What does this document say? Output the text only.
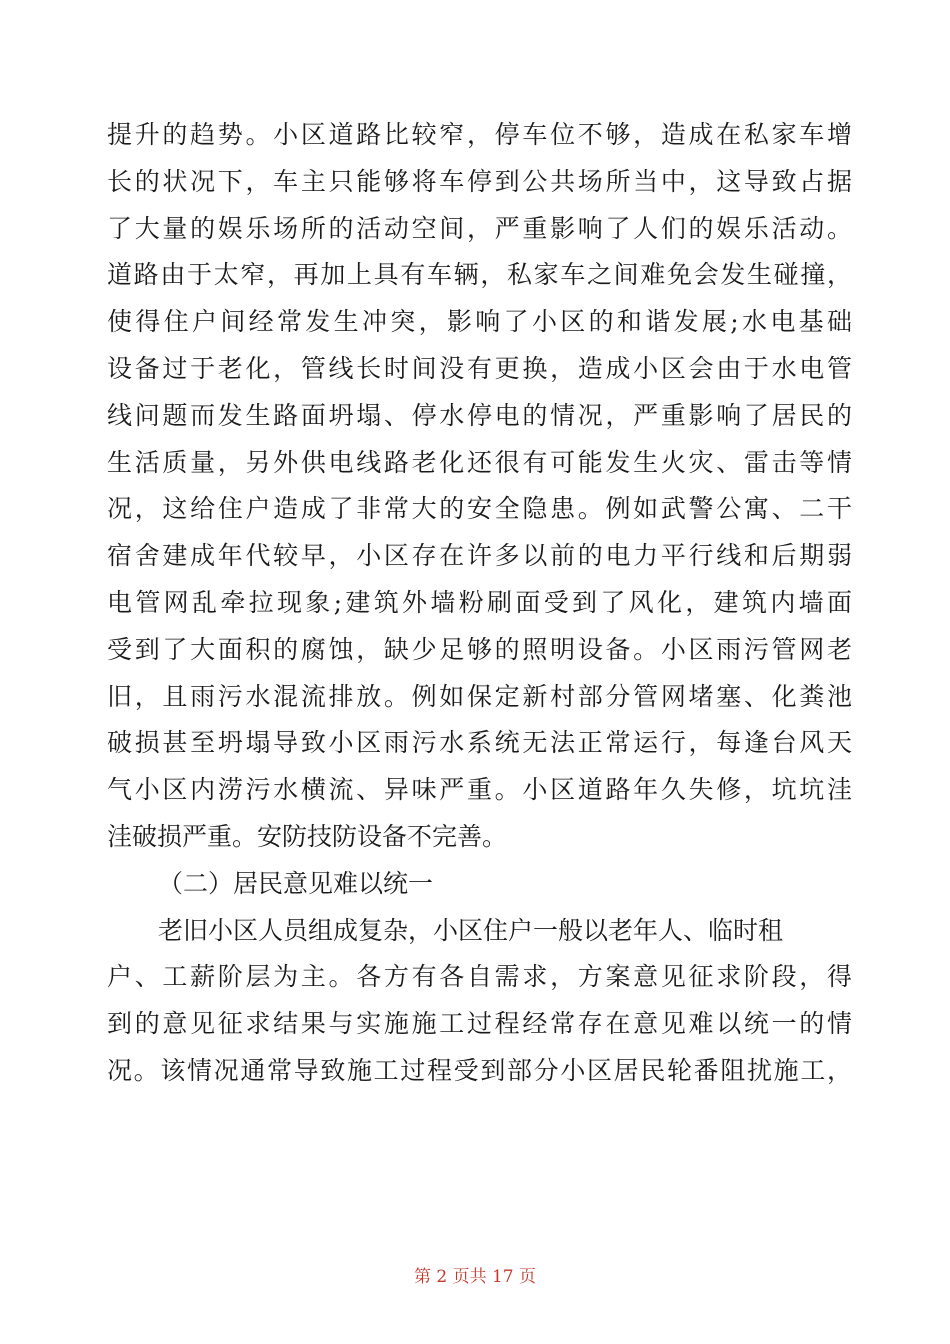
提升的趋势。小区道路比较窄，停车位不够，造成在私家车增
长的状况下，车主只能够将车停到公共场所当中，这导致占据
了大量的娱乐场所的活动空间，严重影响了人们的娱乐活动。
道路由于太窄，再加上具有车辆，私家车之间难免会发生碰撞，
使得住户间经常发生冲突，影响了小区的和谐发展;水电基础
设备过于老化，管线长时间没有更换，造成小区会由于水电管
线问题而发生路面坍塌、停水停电的情况，严重影响了居民的
生活质量，另外供电线路老化还很有可能发生火灾、雷击等情
况，这给住户造成了非常大的安全隐患。例如武警公寓、二干
宿舍建成年代较早，小区存在许多以前的电力平行线和后期弱
电管网乱牵拉现象;建筑外墙粉刷面受到了风化，建筑内墙面
受到了大面积的腐蚀，缺少足够的照明设备。小区雨污管网老
旧，且雨污水混流排放。例如保定新村部分管网堵塞、化粪池
破损甚至坍塌导致小区雨污水系统无法正常运行，每逢台风天
气小区内涝污水横流、异味严重。小区道路年久失修，坑坑洼
洼破损严重。安防技防设备不完善。
（二）居民意见难以统一
老旧小区人员组成复杂，小区住户一般以老年人、临时租
户、工薪阶层为主。各方有各自需求，方案意见征求阶段，得
到的意见征求结果与实施施工过程经常存在意见难以统一的情
况。该情况通常导致施工过程受到部分小区居民轮番阻扰施工，
第 2 页共 17 页
